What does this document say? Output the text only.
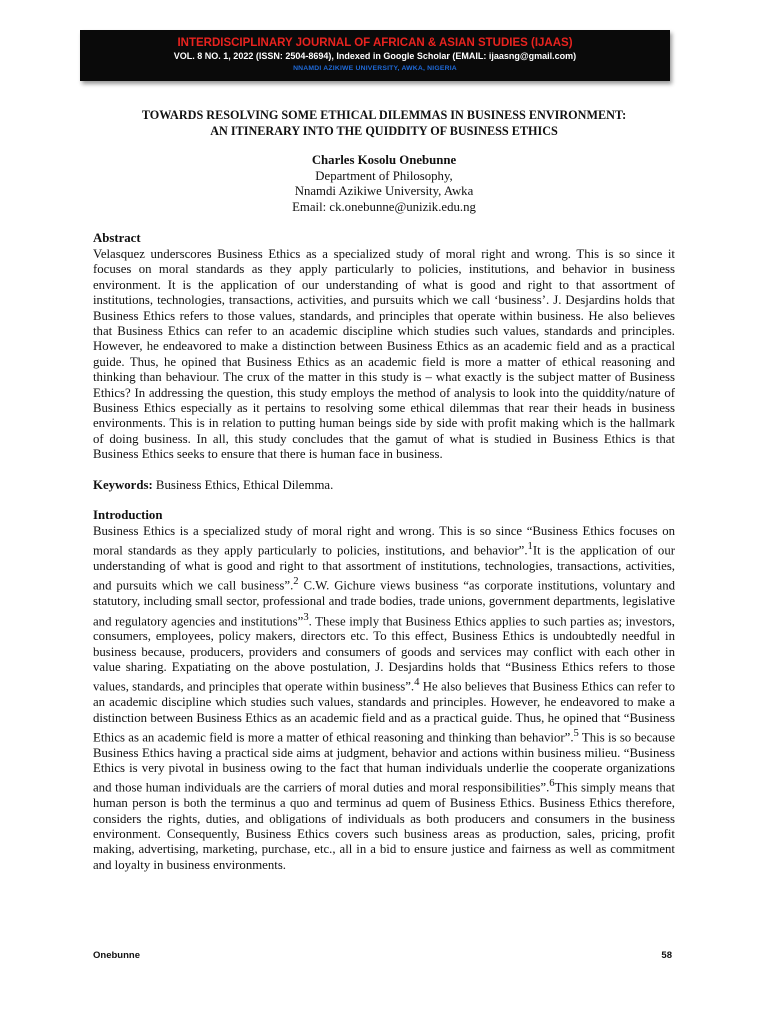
INTERDISCIPLINARY JOURNAL OF AFRICAN & ASIAN STUDIES (IJAAS)
VOL. 8 NO. 1, 2022 (ISSN: 2504-8694), Indexed in Google Scholar (EMAIL: ijaasng@gmail.com)
NNAMDI AZIKIWE UNIVERSITY, AWKA, NIGERIA
TOWARDS RESOLVING SOME ETHICAL DILEMMAS IN BUSINESS ENVIRONMENT:
AN ITINERARY INTO THE QUIDDITY OF BUSINESS ETHICS
Charles Kosolu Onebunne
Department of Philosophy,
Nnamdi Azikiwe University, Awka
Email: ck.onebunne@unizik.edu.ng
Abstract

Velasquez underscores Business Ethics as a specialized study of moral right and wrong. This is so since it focuses on moral standards as they apply particularly to policies, institutions, and behavior in business environment. It is the application of our understanding of what is good and right to that assortment of institutions, technologies, transactions, activities, and pursuits which we call ‘business’. J. Desjardins holds that Business Ethics refers to those values, standards, and principles that operate within business. He also believes that Business Ethics can refer to an academic discipline which studies such values, standards and principles. However, he endeavored to make a distinction between Business Ethics as an academic field and as a practical guide. Thus, he opined that Business Ethics as an academic field is more a matter of ethical reasoning and thinking than behaviour. The crux of the matter in this study is – what exactly is the subject matter of Business Ethics? In addressing the question, this study employs the method of analysis to look into the quiddity/nature of Business Ethics especially as it pertains to resolving some ethical dilemmas that rear their heads in business environments. This is in relation to putting human beings side by side with profit making which is the hallmark of doing business. In all, this study concludes that the gamut of what is studied in Business Ethics is that Business Ethics seeks to ensure that there is human face in business.

Keywords: Business Ethics, Ethical Dilemma.

Introduction

Business Ethics is a specialized study of moral right and wrong. This is so since “Business Ethics focuses on moral standards as they apply particularly to policies, institutions, and behavior”.$^1$It is the application of our understanding of what is good and right to that assortment of institutions, technologies, transactions, activities, and pursuits which we call business”.$^2$ C.W. Gichure views business “as corporate institutions, voluntary and statutory, including small sector, professional and trade bodies, trade unions, government departments, legislative and regulatory agencies and institutions”$^3$. These imply that Business Ethics applies to such parties as; investors, consumers, employees, policy makers, directors etc. To this effect, Business Ethics is undoubtedly needful in business because, producers, providers and consumers of goods and services may conflict with each other in value sharing. Expatiating on the above postulation, J. Desjardins holds that “Business Ethics refers to those values, standards, and principles that operate within business”.$^4$ He also believes that Business Ethics can refer to an academic discipline which studies such values, standards and principles. However, he endeavored to make a distinction between Business Ethics as an academic field and as a practical guide. Thus, he opined that “Business Ethics as an academic field is more a matter of ethical reasoning and thinking than behavior”.$^5$ This is so because Business Ethics having a practical side aims at judgment, behavior and actions within business milieu. “Business Ethics is very pivotal in business owing to the fact that human individuals underlie the cooperate organizations and those human individuals are the carriers of moral duties and moral responsibilities”.$^6$This simply means that human person is both the terminus a quo and terminus ad quem of Business Ethics. Business Ethics therefore, considers the rights, duties, and obligations of individuals as both producers and consumers in the business environment. Consequently, Business Ethics covers such business areas as production, sales, pricing, profit making, advertising, marketing, purchase, etc., all in a bid to ensure justice and fairness as well as commitment and loyalty in business environments.

Onebunne	58
